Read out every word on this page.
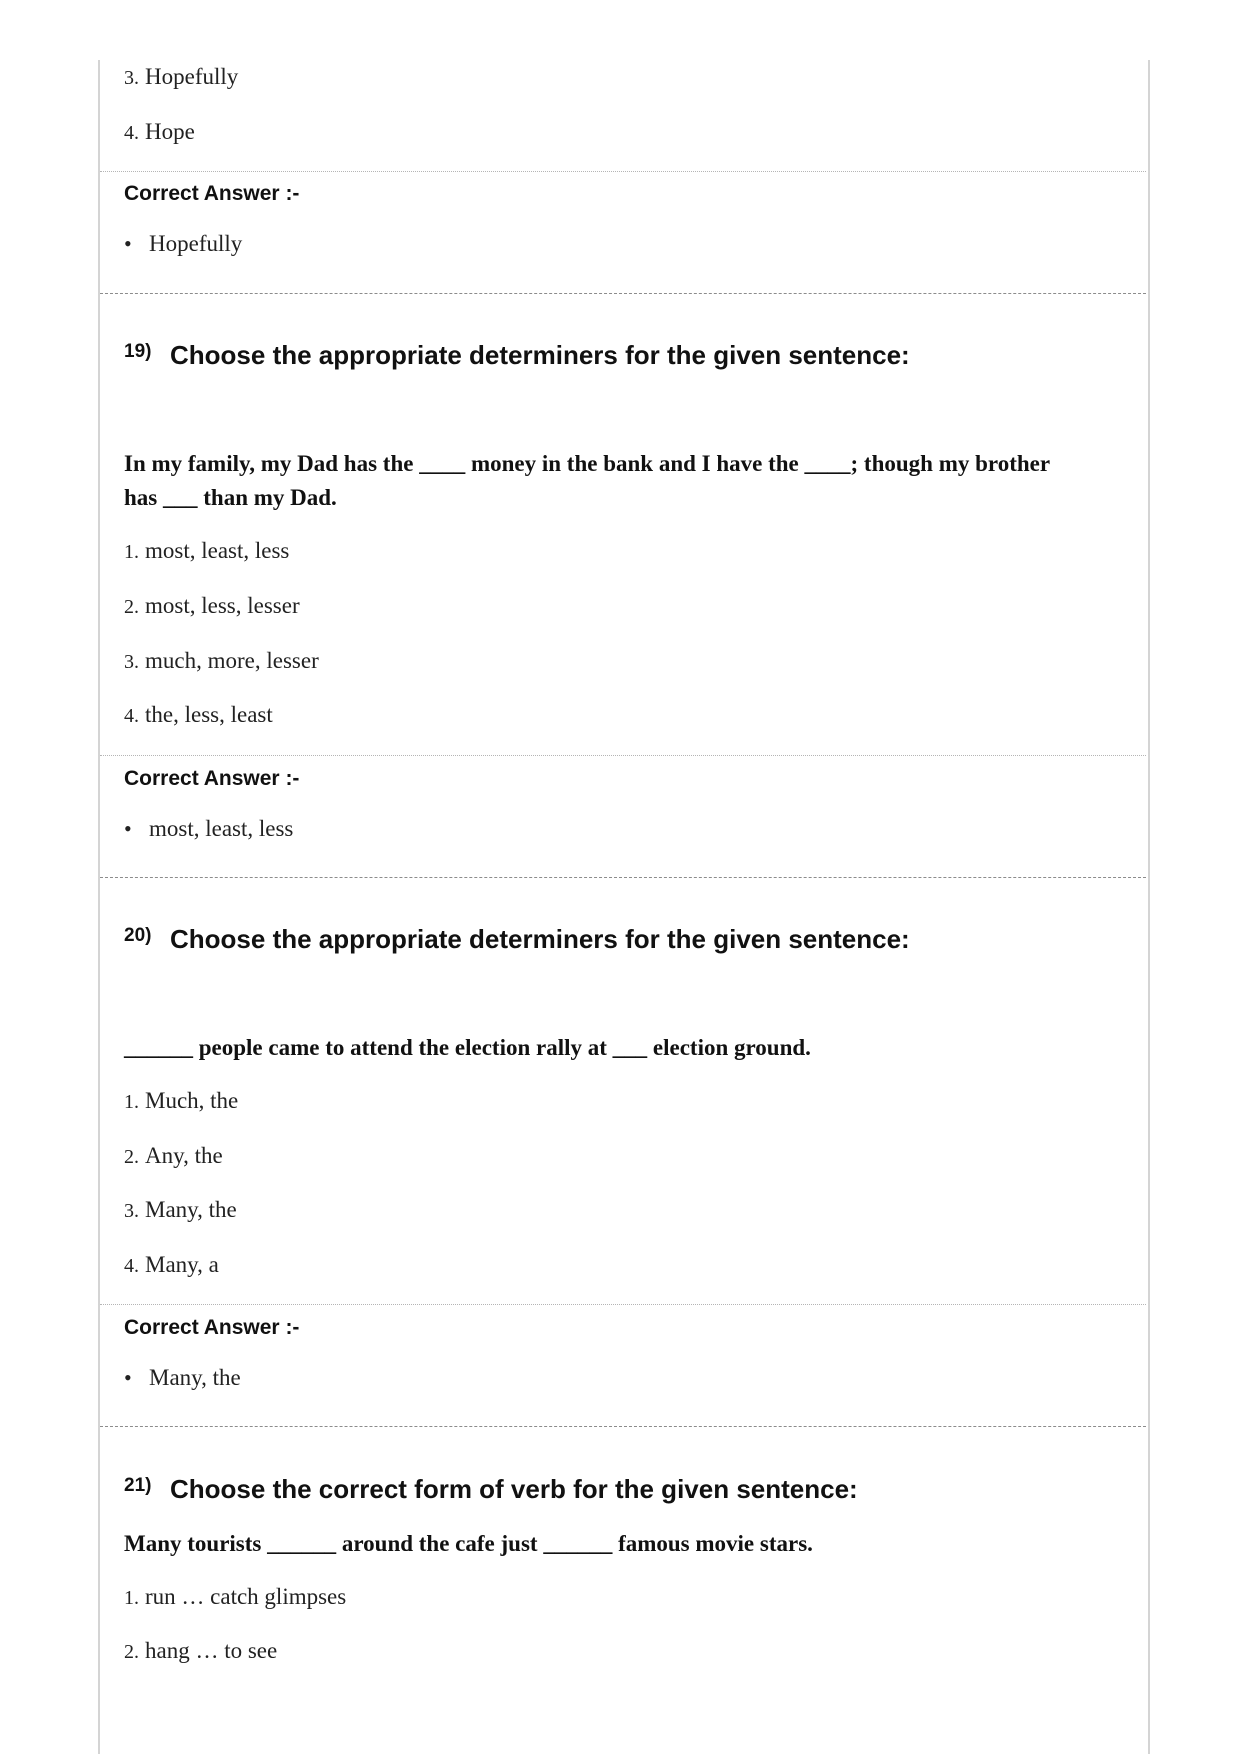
3. Hopefully
4. Hope
Correct Answer :-
• Hopefully
19) Choose the appropriate determiners for the given sentence:
In my family, my Dad has the ____ money in the bank and I have the ____; though my brother has ___ than my Dad.
1. most, least, less
2. most, less, lesser
3. much, more, lesser
4. the, less, least
Correct Answer :-
• most, least, less
20) Choose the appropriate determiners for the given sentence:
______ people came to attend the election rally at ___ election ground.
1. Much, the
2. Any, the
3. Many, the
4. Many, a
Correct Answer :-
• Many, the
21) Choose the correct form of verb for the given sentence:
Many tourists ______ around the cafe just ______ famous movie stars.
1. run … catch glimpses
2. hang … to see
